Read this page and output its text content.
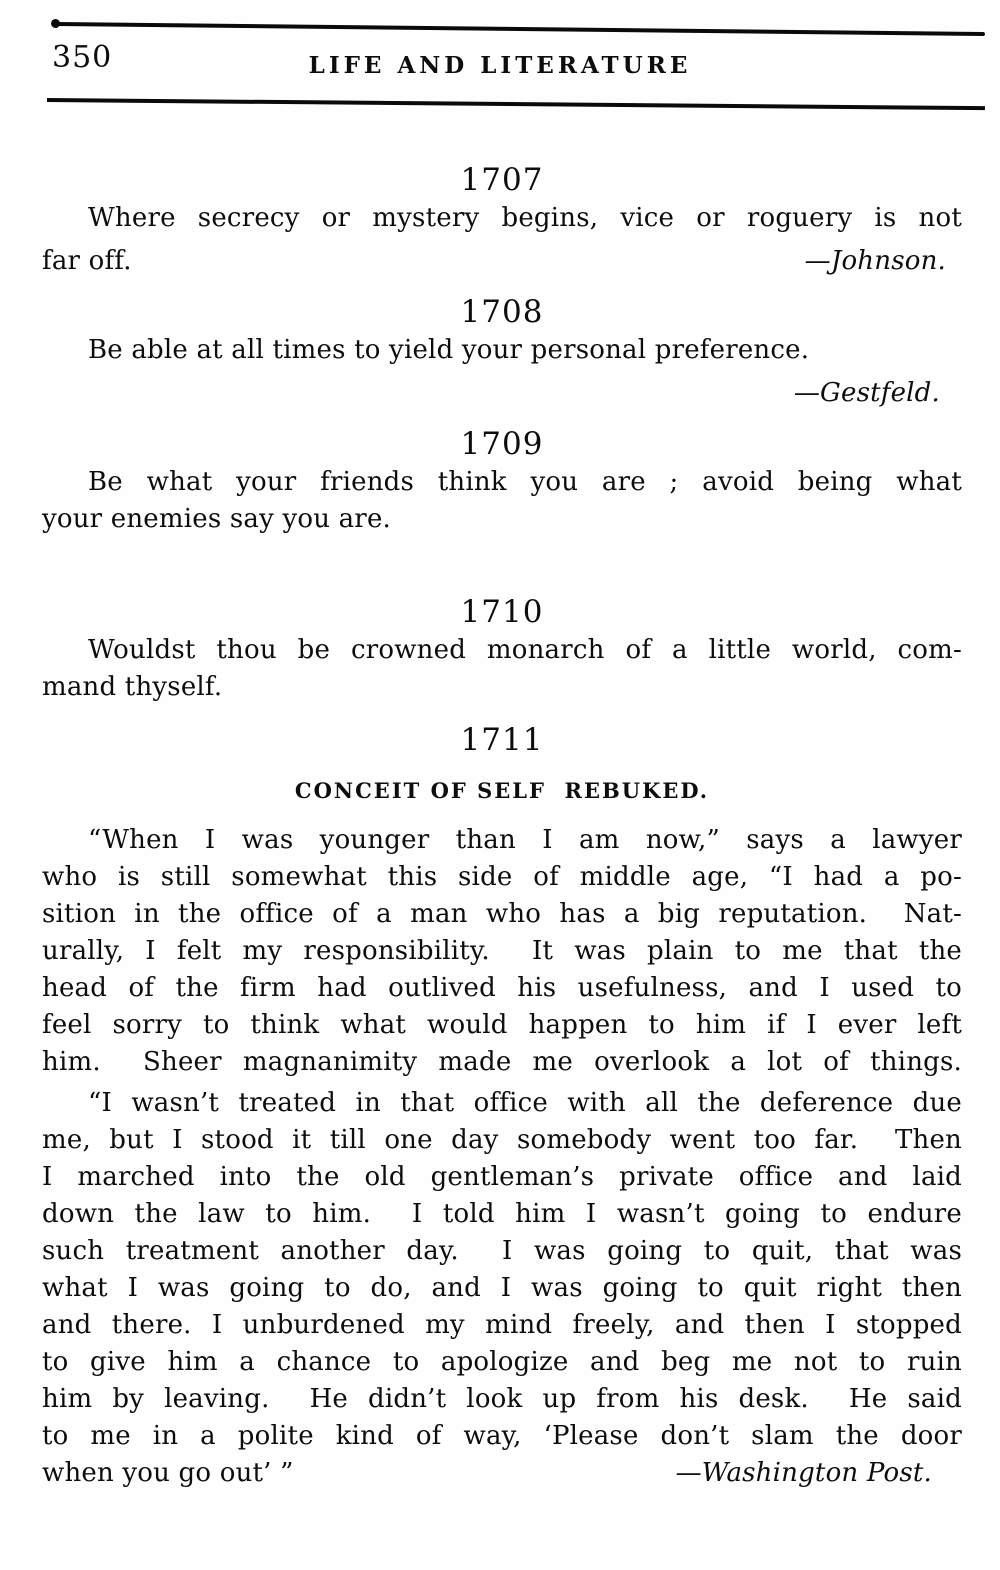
350	LIFE AND LITERATURE
1707
Where secrecy or mystery begins, vice or roguery is not
far off.	—Johnson.
1708
Be able at all times to yield your personal preference.
—Gestfeld.
1709
Be what your friends think you are ; avoid being what
your enemies say you are.
1710
Wouldst thou be crowned monarch of a little world, com-
mand thyself.
1711
CONCEIT OF SELF  REBUKED.
“When I was younger than I am now,” says a lawyer
who is still somewhat this side of middle age, “I had a po-
sition in the office of a man who has a big reputation.  Nat-
urally, I felt my responsibility.  It was plain to me that the
head of the firm had outlived his usefulness, and I used to
feel sorry to think what would happen to him if I ever left
him.  Sheer magnanimity made me overlook a lot of things.
“I wasn’t treated in that office with all the deference due
me, but I stood it till one day somebody went too far.  Then
I marched into the old gentleman’s private office and laid
down the law to him.  I told him I wasn’t going to endure
such treatment another day.  I was going to quit, that was
what I was going to do, and I was going to quit right then
and there. I unburdened my mind freely, and then I stopped
to give him a chance to apologize and beg me not to ruin
him by leaving.  He didn’t look up from his desk.  He said
to me in a polite kind of way, ‘Please don’t slam the door
when you go out’ ”	—Washington Post.
